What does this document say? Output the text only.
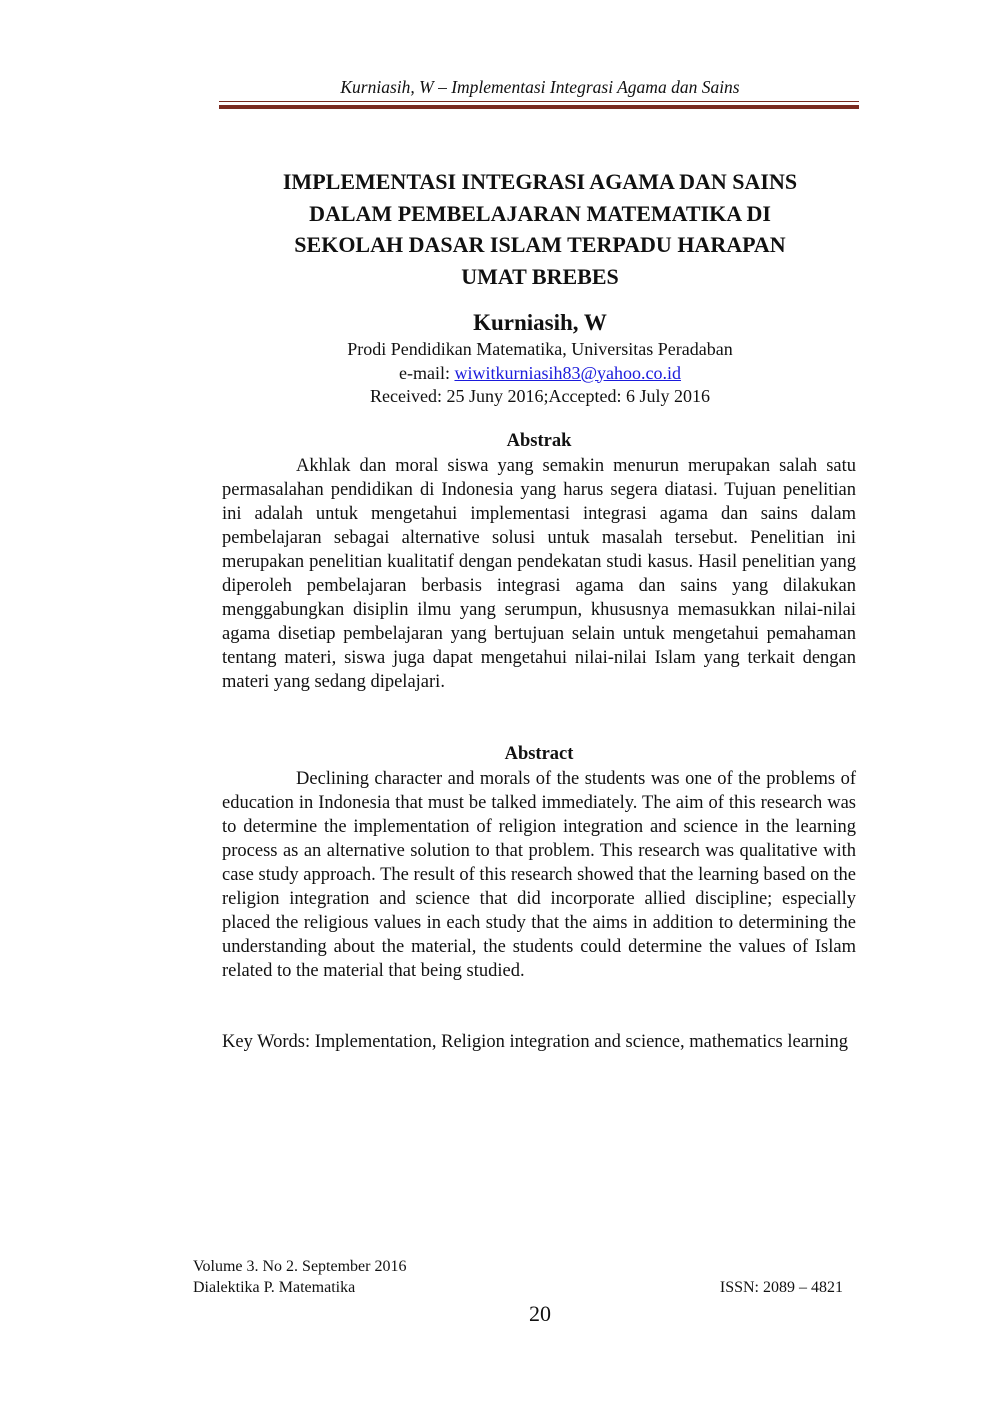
Kurniasih, W – Implementasi Integrasi Agama dan Sains
IMPLEMENTASI INTEGRASI AGAMA DAN SAINS
DALAM PEMBELAJARAN MATEMATIKA DI
SEKOLAH DASAR ISLAM TERPADU HARAPAN
UMAT BREBES

Kurniasih, W

Prodi Pendidikan Matematika, Universitas Peradaban

e-mail: wiwitkurniasih83@yahoo.co.id

Received: 25 Juny 2016;Accepted: 6 July 2016

Abstrak

Akhlak dan moral siswa yang semakin menurun merupakan salah satu permasalahan pendidikan di Indonesia yang harus segera diatasi. Tujuan penelitian ini adalah untuk mengetahui implementasi integrasi agama dan sains dalam pembelajaran sebagai alternative solusi untuk masalah tersebut. Penelitian ini merupakan penelitian kualitatif dengan pendekatan studi kasus. Hasil penelitian yang diperoleh pembelajaran berbasis integrasi agama dan sains yang dilakukan menggabungkan disiplin ilmu yang serumpun, khususnya memasukkan nilai-nilai agama disetiap pembelajaran yang bertujuan selain untuk mengetahui pemahaman tentang materi, siswa juga dapat mengetahui nilai-nilai Islam yang terkait dengan materi yang sedang dipelajari.

Abstract

Declining character and morals of the students was one of the problems of education in Indonesia that must be talked immediately. The aim of this research was to determine the implementation of religion integration and science in the learning process as an alternative solution to that problem. This research was qualitative with case study approach. The result of this research showed that the learning based on the religion integration and science that did incorporate allied discipline; especially placed the religious values in each study that the aims in addition to determining the understanding about the material, the students could determine the values of Islam related to the material that being studied.

Key Words: Implementation, Religion integration and science, mathematics learning

Volume 3. No 2. September 2016
Dialektika P. Matematika	ISSN: 2089 – 4821
20
